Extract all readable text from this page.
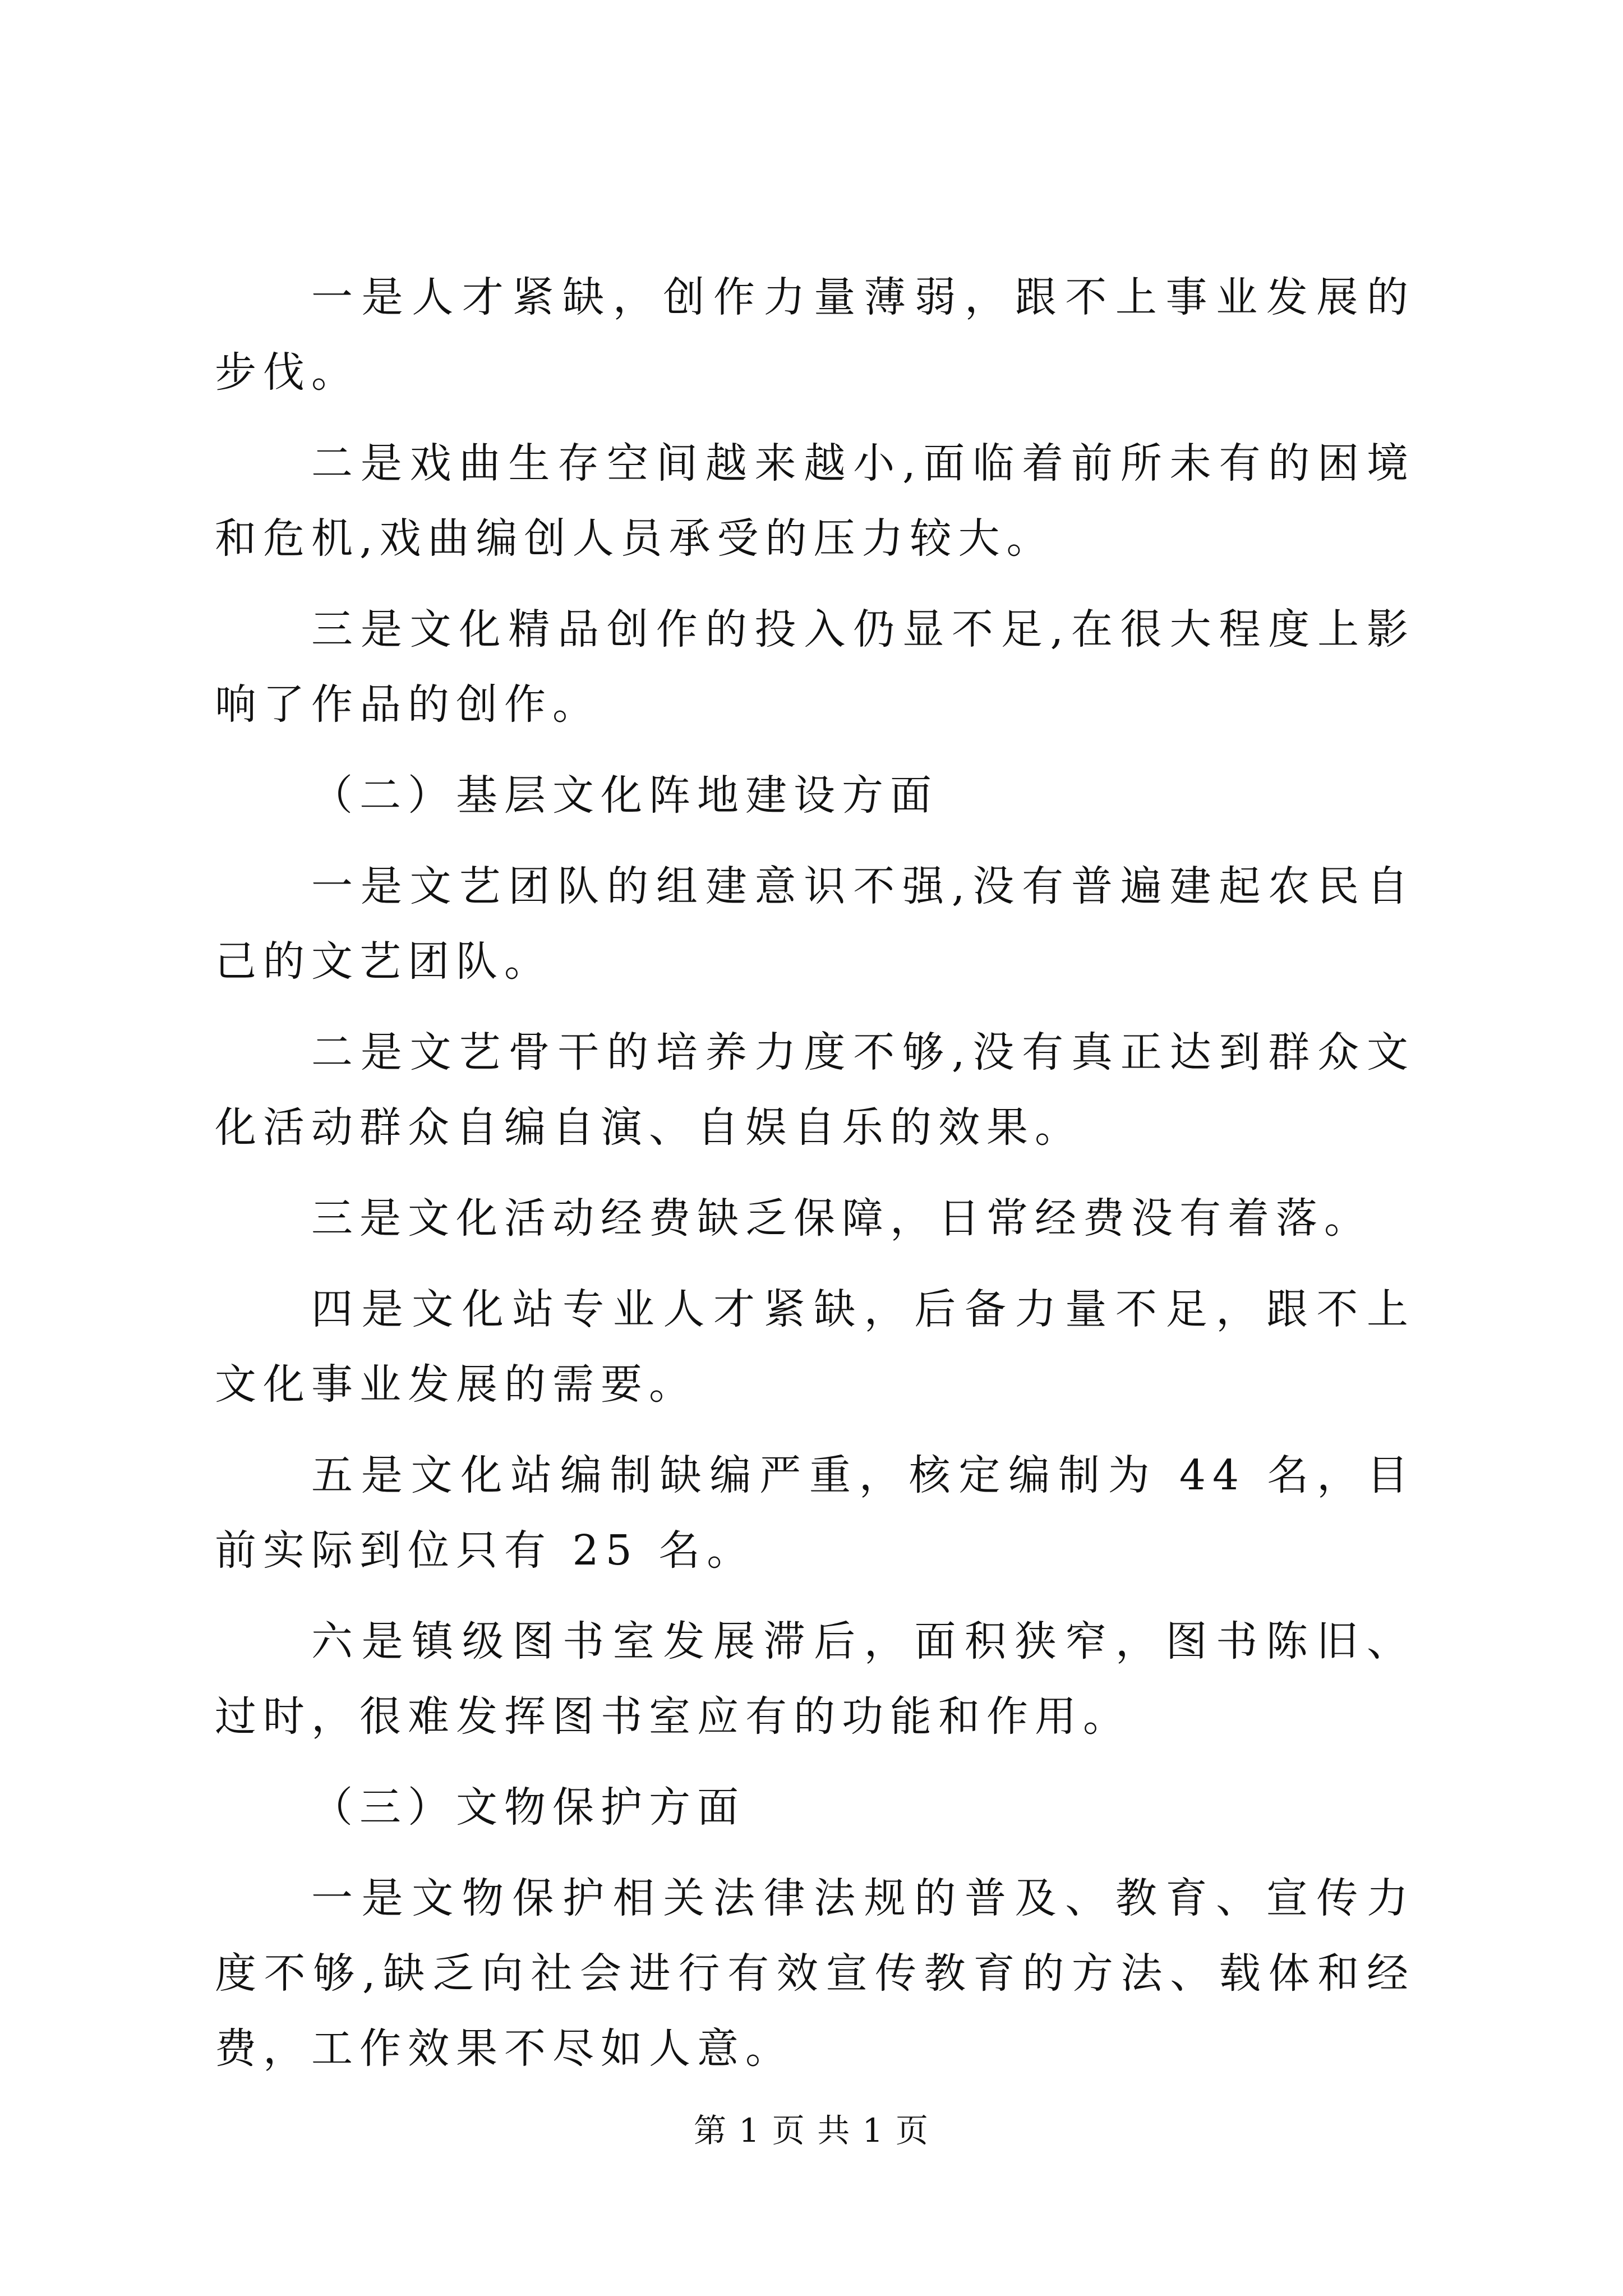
一是人才紧缺，创作力量薄弱，跟不上事业发展的步伐。

二是戏曲生存空间越来越小,面临着前所未有的困境和危机,戏曲编创人员承受的压力较大。

三是文化精品创作的投入仍显不足,在很大程度上影响了作品的创作。

（二）基层文化阵地建设方面

一是文艺团队的组建意识不强,没有普遍建起农民自己的文艺团队。

二是文艺骨干的培养力度不够,没有真正达到群众文化活动群众自编自演、自娱自乐的效果。

三是文化活动经费缺乏保障，日常经费没有着落。

四是文化站专业人才紧缺，后备力量不足，跟不上文化事业发展的需要。

五是文化站编制缺编严重，核定编制为 44 名，目前实际到位只有 25 名。

六是镇级图书室发展滞后，面积狭窄，图书陈旧、过时，很难发挥图书室应有的功能和作用。

（三）文物保护方面

一是文物保护相关法律法规的普及、教育、宣传力度不够,缺乏向社会进行有效宣传教育的方法、载体和经费，工作效果不尽如人意。

第 1 页 共 1 页
